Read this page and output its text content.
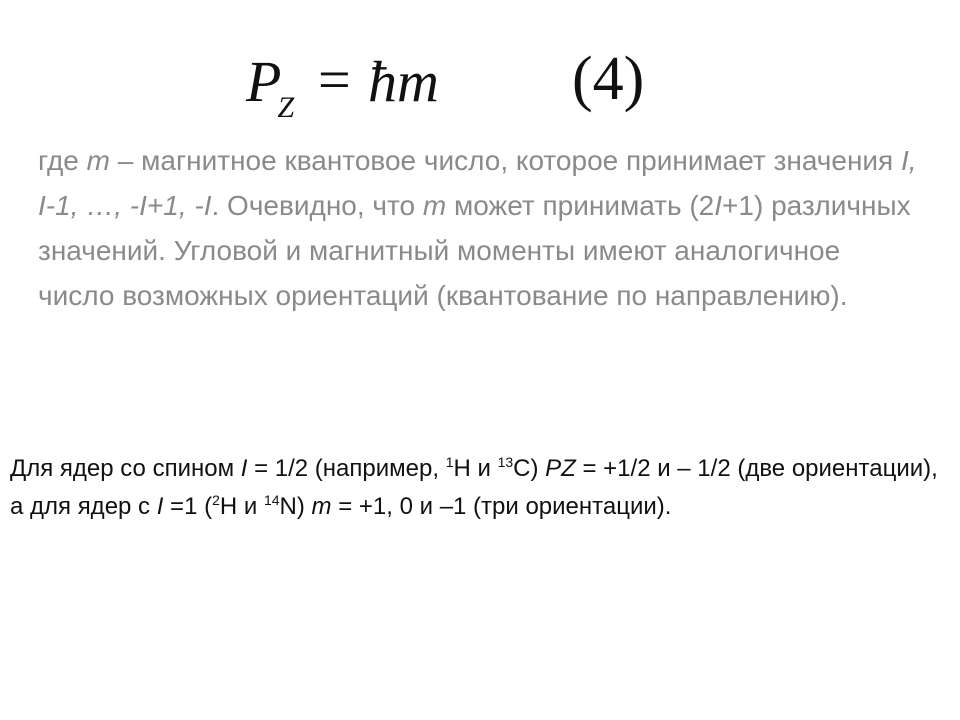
$P_Z$ = ħm (4)
где m – магнитное квантовое число, которое принимает значения I, I-1, …, -I+1, -I. Очевидно, что m может принимать (2I+1) различных значений. Угловой и магнитный моменты имеют аналогичное число возможных ориентаций (квантование по направлению).
Для ядер со спином I = 1/2 (например, $^1$H и $^{13}$C) PZ = +1/2 и – 1/2 (две ориентации), а для ядер с I =1 ($^2$H и $^{14}$N) m = +1, 0 и –1 (три ориентации).
